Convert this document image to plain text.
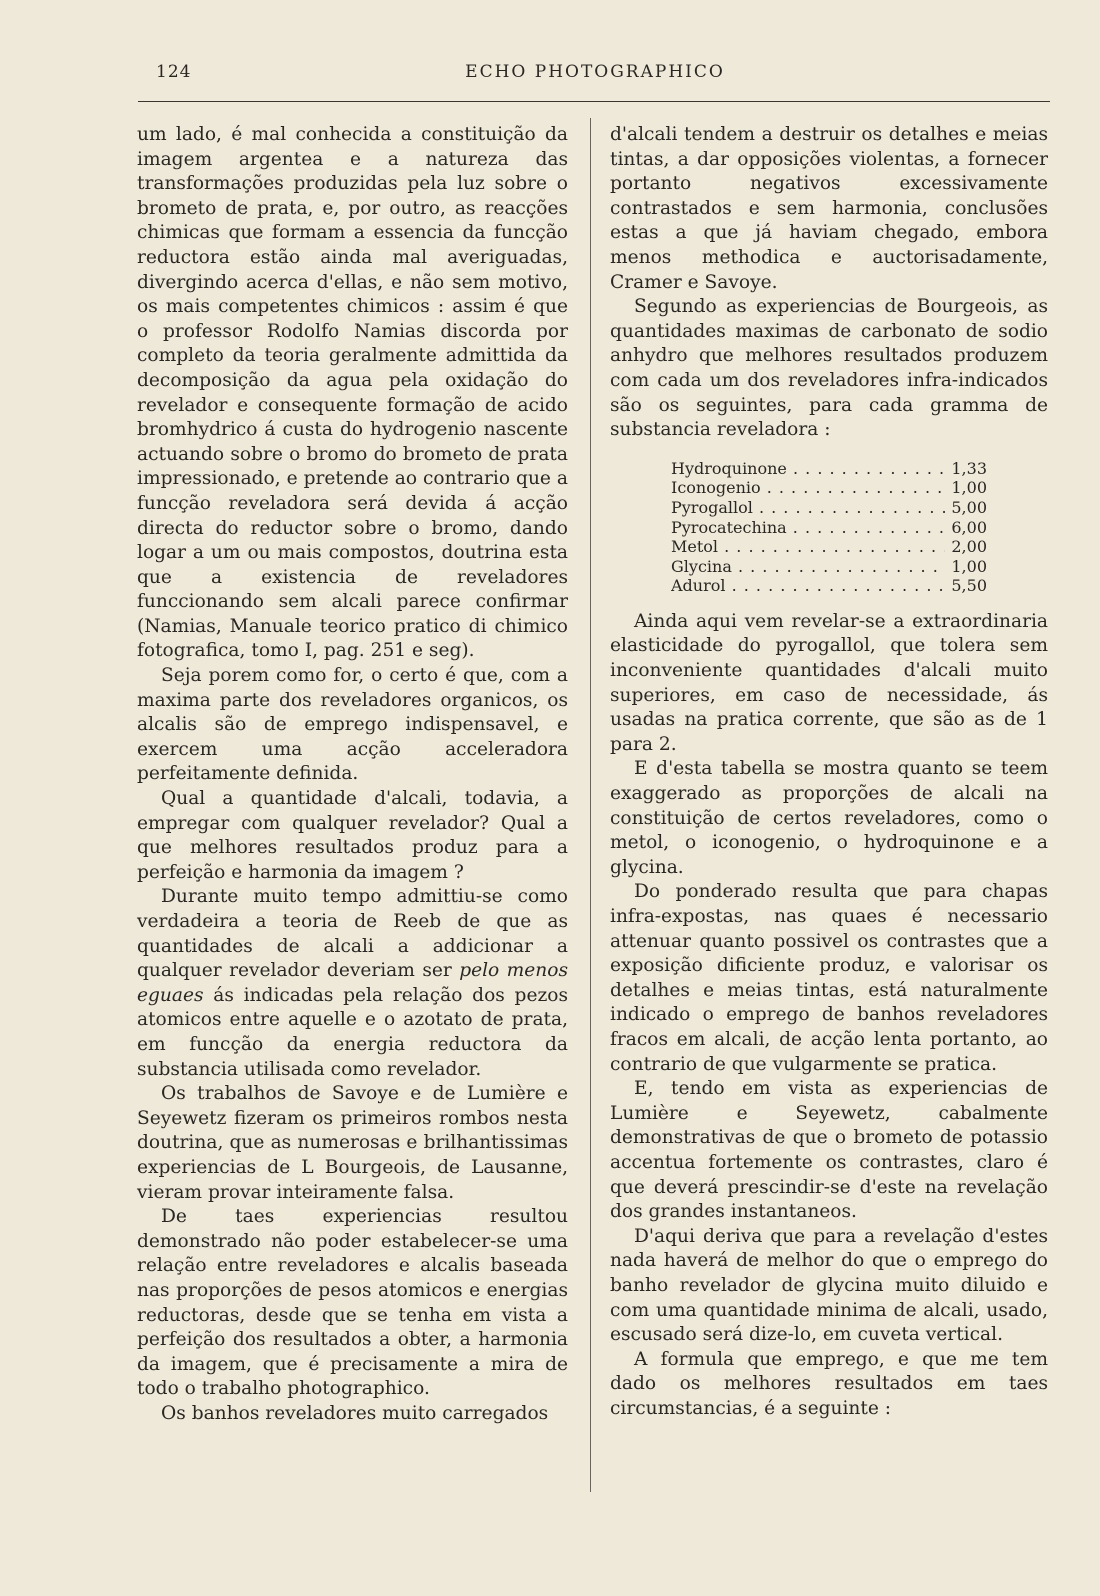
124	ECHO PHOTOGRAPHICO

um lado, é mal conhecida a constituição da imagem argentea e a natureza das transformações produzidas pela luz sobre o brometo de prata, e, por outro, as reacções chimicas que formam a essencia da funcção reductora estão ainda mal averiguadas, divergindo acerca d'ellas, e não sem motivo, os mais competentes chimicos : assim é que o professor Rodolfo Namias discorda por completo da teoria geralmente admittida da decomposição da agua pela oxidação do revelador e consequente formação de acido bromhydrico á custa do hydrogenio nascente actuando sobre o bromo do brometo de prata impressionado, e pretende ao contrario que a funcção reveladora será devida á acção directa do reductor sobre o bromo, dando logar a um ou mais compostos, doutrina esta que a existencia de reveladores funccionando sem alcali parece confirmar (Namias, Manuale teorico pratico di chimico fotografica, tomo I, pag. 251 e seg).

Seja porem como for, o certo é que, com a maxima parte dos reveladores organicos, os alcalis são de emprego indispensavel, e exercem uma acção acceleradora perfeitamente definida.

Qual a quantidade d'alcali, todavia, a empregar com qualquer revelador? Qual a que melhores resultados produz para a perfeição e harmonia da imagem ?

Durante muito tempo admittiu-se como verdadeira a teoria de Reeb de que as quantidades de alcali a addicionar a qualquer revelador deveriam ser pelo menos eguaes ás indicadas pela relação dos pezos atomicos entre aquelle e o azotato de prata, em funcção da energia reductora da substancia utilisada como revelador.

Os trabalhos de Savoye e de Lumière e Seyewetz fizeram os primeiros rombos nesta doutrina, que as numerosas e brilhantissimas experiencias de L Bourgeois, de Lausanne, vieram provar inteiramente falsa.

De taes experiencias resultou demonstrado não poder estabelecer-se uma relação entre reveladores e alcalis baseada nas proporções de pesos atomicos e energias reductoras, desde que se tenha em vista a perfeição dos resultados a obter, a harmonia da imagem, que é precisamente a mira de todo o trabalho photographico.

Os banhos reveladores muito carregados

d'alcali tendem a destruir os detalhes e meias tintas, a dar opposições violentas, a fornecer portanto negativos excessivamente contrastados e sem harmonia, conclusões estas a que já haviam chegado, embora menos methodica e auctorisadamente, Cramer e Savoye.

Segundo as experiencias de Bourgeois, as quantidades maximas de carbonato de sodio anhydro que melhores resultados produzem com cada um dos reveladores infra-indicados são os seguintes, para cada gramma de substancia reveladora :

Hydroquinone . . .	1,33
Iconogenio . . .	1,00
Pyrogallol . . .	5,00
Pyrocatechina . . .	6,00
Metol . . .	2,00
Glycina . . .	1,00
Adurol . . .	5,50

Ainda aqui vem revelar-se a extraordinaria elasticidade do pyrogallol, que tolera sem inconveniente quantidades d'alcali muito superiores, em caso de necessidade, ás usadas na pratica corrente, que são as de 1 para 2.

E d'esta tabella se mostra quanto se teem exaggerado as proporções de alcali na constituição de certos reveladores, como o metol, o iconogenio, o hydroquinone e a glycina.

Do ponderado resulta que para chapas infra-expostas, nas quaes é necessario attenuar quanto possivel os contrastes que a exposição dificiente produz, e valorisar os detalhes e meias tintas, está naturalmente indicado o emprego de banhos reveladores fracos em alcali, de acção lenta portanto, ao contrario de que vulgarmente se pratica.

E, tendo em vista as experiencias de Lumière e Seyewetz, cabalmente demonstrativas de que o brometo de potassio accentua fortemente os contrastes, claro é que deverá prescindir-se d'este na revelação dos grandes instantaneos.

D'aqui deriva que para a revelação d'estes nada haverá de melhor do que o emprego do banho revelador de glycina muito diluido e com uma quantidade minima de alcali, usado, escusado será dize-lo, em cuveta vertical.

A formula que emprego, e que me tem dado os melhores resultados em taes circumstancias, é a seguinte :
